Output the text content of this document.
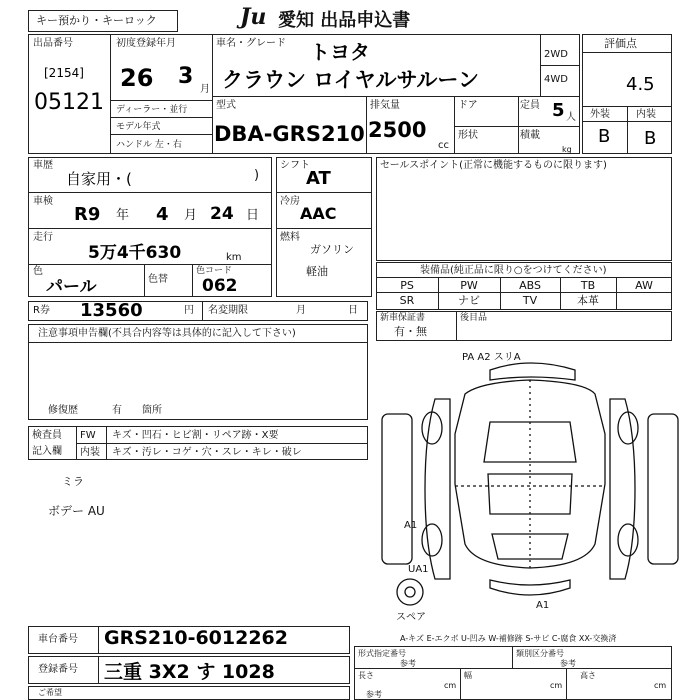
キー預かり・キーロック	Ju 愛知 出品申込書
出品番号
[2154]
05121
初度登録年月
26 3
月
ディーラー・並行
モデル年式
ハンドル 左・右
車名・グレード トヨタ
クラウン ロイヤルサルーン
2WD
4WD
型式
DBA-GRS210
排気量
2500
cc
ドア	定員 5 人
形状	積載
kg
評価点
4.5
外装	内装
B B
車歴
自家用・(	)
車検
R9 年 4 月 24 日
走行
5万4千630	km
色
パール	色替
色コード
062
シフト
AT
冷房
AAC
燃料
ガソリン
軽油
セールスポイント(正常に機能するものに限ります)
装備品(純正品に限り○をつけてください)
PS	PW	ABS	TB	AW
SR	ナビ	TV	本革
新車保証書
有・無
後目品
R券 13560	円 名変期限	月	日
注意事項申告欄(不具合内容等は具体的に記入して下さい)
修復歴	有 箇所
検査員
記入欄
FW キズ・凹石・ヒビ割・リペア跡・X要
内装 キズ・汚レ・コゲ・穴・スレ・キレ・破レ
ミラ
ボデー AU
PA A2 スリA
A1
UA1
A1
スペア
A-キズ E-エクボ U-凹み W-補修跡 S-サビ C-腐食 XX-交換済
車台番号 GRS210-6012262
登録番号 三重 3X2 す 1028
ご希望
形式指定番号
参考
類別区分番号
参考
長さ
cm
幅
cm
高さ
cm
参考
